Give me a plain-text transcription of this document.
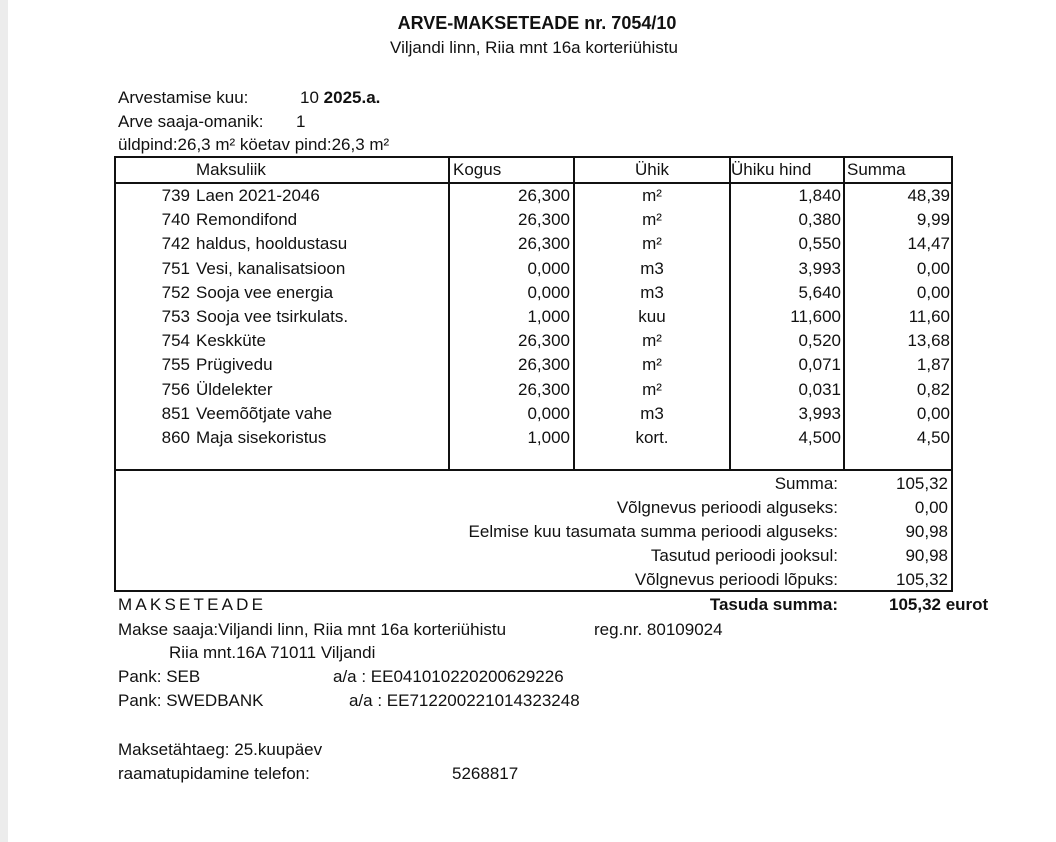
ARVE-MAKSETEADE nr. 7054/10
Viljandi linn, Riia mnt 16a korteriühistu
Arvestamise kuu:	10 2025.a.
Arve saaja-omanik: 1
üldpind:26,3 m² köetav pind:26,3 m²
Maksuliik	Kogus	Ühik	Ühiku hind Summa
739 Laen 2021-2046	26,300	m²	1,840	48,39
740 Remondifond	26,300	m²	0,380	9,99
742 haldus, hooldustasu	26,300	m²	0,550	14,47
751 Vesi, kanalisatsioon	0,000	m3	3,993	0,00
752 Sooja vee energia	0,000	m3	5,640	0,00
753 Sooja vee tsirkulats.	1,000	kuu	11,600	11,60
754 Keskküte	26,300	m²	0,520	13,68
755 Prügivedu	26,300	m²	0,071	1,87
756 Üldelekter	26,300	m²	0,031	0,82
851 Veemõõtjate vahe	0,000	m3	3,993	0,00
860 Maja sisekoristus	1,000	kort.	4,500	4,50
Summa:	105,32
Võlgnevus perioodi alguseks:	0,00
Eelmise kuu tasumata summa perioodi alguseks:	90,98
Tasutud perioodi jooksul:	90,98
Võlgnevus perioodi lõpuks:	105,32
MAKSETEADE	Tasuda summa:	105,32 eurot
Makse saaja:Viljandi linn, Riia mnt 16a korteriühistu	reg.nr. 80109024
Riia mnt.16A 71011 Viljandi
Pank: SEB	a/a : EE041010220200629226
Pank: SWEDBANK	a/a : EE712200221014323248
Maksetähtaeg: 25.kuupäev
raamatupidamine telefon:	5268817
